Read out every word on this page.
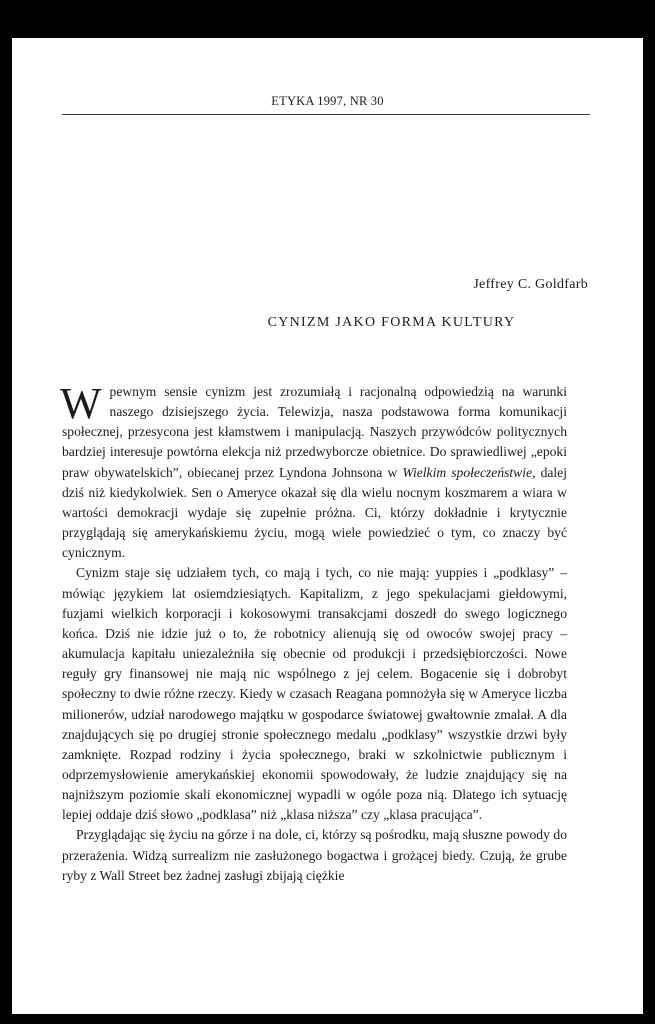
ETYKA 1997, NR 30
Jeffrey C. Goldfarb
CYNIZM JAKO FORMA KULTURY

W pewnym sensie cynizm jest zrozumiałą i racjonalną odpowiedzią na warunki naszego dzisiejszego życia. Telewizja, nasza podstawowa forma komunikacji społecznej, przesycona jest kłamstwem i manipulacją. Naszych przywódców politycznych bardziej interesuje powtórna elekcja niż przedwyborcze obietnice. Do sprawiedliwej „epoki praw obywatelskich”, obiecanej przez Lyndona Johnsona w Wielkim społeczeństwie, dalej dziś niż kiedykolwiek. Sen o Ameryce okazał się dla wielu nocnym koszmarem a wiara w wartości demokracji wydaje się zupełnie próżna. Ci, którzy dokładnie i krytycznie przyglądają się amerykańskiemu życiu, mogą wiele powiedzieć o tym, co znaczy być cynicznym.

Cynizm staje się udziałem tych, co mają i tych, co nie mają: yuppies i „podklasy” – mówiąc językiem lat osiemdziesiątych. Kapitalizm, z jego spekulacjami giełdowymi, fuzjami wielkich korporacji i kokosowymi transakcjami doszedł do swego logicznego końca. Dziś nie idzie już o to, że robotnicy alienują się od owoców swojej pracy – akumulacja kapitału uniezależniła się obecnie od produkcji i przedsiębiorczości. Nowe reguły gry finansowej nie mają nic wspólnego z jej celem. Bogacenie się i dobrobyt społeczny to dwie różne rzeczy. Kiedy w czasach Reagana pomnożyła się w Ameryce liczba milionerów, udział narodowego majątku w gospodarce światowej gwałtownie zmalał. A dla znajdujących się po drugiej stronie społecznego medalu „podklasy” wszystkie drzwi były zamknięte. Rozpad rodziny i życia społecznego, braki w szkolnictwie publicznym i odprzemysłowienie amerykańskiej ekonomii spowodowały, że ludzie znajdujący się na najniższym poziomie skali ekonomicznej wypadli w ogóle poza nią. Dlatego ich sytuację lepiej oddaje dziś słowo „podklasa” niż „klasa niższa” czy „klasa pracująca”.

Przyglądając się życiu na górze i na dole, ci, którzy są pośrodku, mają słuszne powody do przerażenia. Widzą surrealizm nie zasłużonego bogactwa i grożącej biedy. Czują, że grube ryby z Wall Street bez żadnej zasługi zbijają ciężkie
